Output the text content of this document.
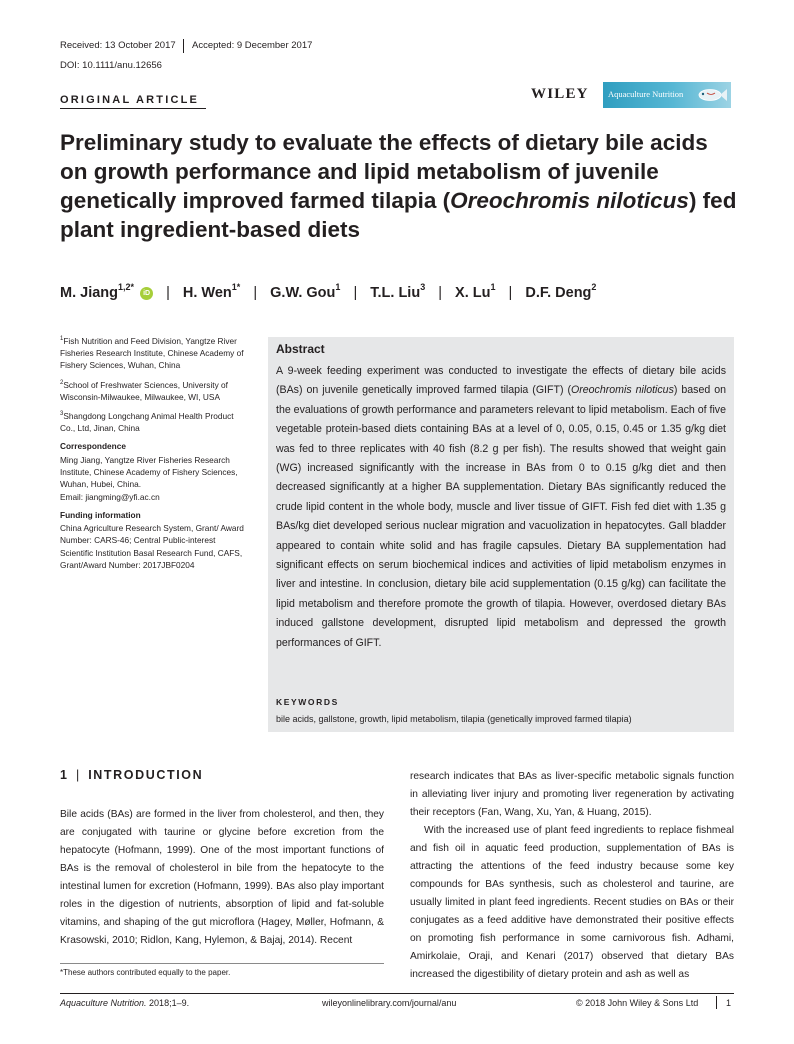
Received: 13 October 2017 Accepted: 9 December 2017
DOI: 10.1111/anu.12656
ORIGINAL ARTICLE	WILEY Aquaculture Nutrition
Preliminary study to evaluate the effects of dietary bile acids on growth performance and lipid metabolism of juvenile genetically improved farmed tilapia (Oreochromis niloticus) fed plant ingredient-based diets
M. Jiang$^{1,2*}$ iD | H. Wen$^{1*}$ | G.W. Gou$^1$ | T.L. Liu$^3$ | X. Lu$^1$ | D.F. Deng$^2$

$^1$Fish Nutrition and Feed Division, Yangtze River Fisheries Research Institute, Chinese Academy of Fishery Sciences, Wuhan, China

$^2$School of Freshwater Sciences, University of Wisconsin-Milwaukee, Milwaukee, WI, USA

$^3$Shangdong Longchang Animal Health Product Co., Ltd, Jinan, China

Correspondence

Ming Jiang, Yangtze River Fisheries Research Institute, Chinese Academy of Fishery Sciences, Wuhan, Hubei, China.

Email: jiangming@yfi.ac.cn

Funding information

China Agriculture Research System, Grant/ Award Number: CARS-46; Central Public-interest Scientific Institution Basal Research Fund, CAFS, Grant/Award Number: 2017JBF0204

Abstract
A 9-week feeding experiment was conducted to investigate the effects of dietary bile acids (BAs) on juvenile genetically improved farmed tilapia (GIFT) (Oreochromis niloticus) based on the evaluations of growth performance and parameters relevant to lipid metabolism. Each of five vegetable protein-based diets containing BAs at a level of 0, 0.05, 0.15, 0.45 or 1.35 g/kg diet was fed to three replicates with 40 fish (8.2 g per fish). The results showed that weight gain (WG) increased significantly with the increase in BAs from 0 to 0.15 g/kg diet and then decreased significantly at a higher BA supplementation. Dietary BAs significantly reduced the crude lipid content in the whole body, muscle and liver tissue of GIFT. Fish fed diet with 1.35 g BAs/kg diet developed serious nuclear migration and vacuolization in hepatocytes. Gall bladder appeared to contain white solid and has fragile capsules. Dietary BA supplementation had significant effects on serum biochemical indices and activities of lipid metabolism enzymes in liver and intestine. In conclusion, dietary bile acid supplementation (0.15 g/kg) can facilitate the lipid metabolism and therefore promote the growth of tilapia. However, overdosed dietary BAs induced gallstone development, disrupted lipid metabolism and depressed the growth performances of GIFT.
KEYWORDS
bile acids, gallstone, growth, lipid metabolism, tilapia (genetically improved farmed tilapia)
1 | INTRODUCTION

Bile acids (BAs) are formed in the liver from cholesterol, and then, they are conjugated with taurine or glycine before excretion from the hepatocyte (Hofmann, 1999). One of the most important functions of BAs is the removal of cholesterol in bile from the hepatocyte to the intestinal lumen for excretion (Hofmann, 1999). BAs also play important roles in the digestion of nutrients, absorption of lipid and fat-soluble vitamins, and shaping of the gut microflora (Hagey, Møller, Hofmann, & Krasowski, 2010; Ridlon, Kang, Hylemon, & Bajaj, 2014). Recent

research indicates that BAs as liver-specific metabolic signals function in alleviating liver injury and promoting liver regeneration by activating their receptors (Fan, Wang, Xu, Yan, & Huang, 2015).

With the increased use of plant feed ingredients to replace fishmeal and fish oil in aquatic feed production, supplementation of BAs is attracting the attentions of the feed industry because some key compounds for BAs synthesis, such as cholesterol and taurine, are usually limited in plant feed ingredients. Recent studies on BAs or their conjugates as a feed additive have demonstrated their positive effects on promoting fish performance in some carnivorous fish. Adhami, Amirkolaie, Oraji, and Kenari (2017) observed that dietary BAs increased the digestibility of dietary protein and ash as well as

*These authors contributed equally to the paper.
Aquaculture Nutrition. 2018;1–9.	wileyonlinelibrary.com/journal/anu	© 2018 John Wiley & Sons Ltd	1
